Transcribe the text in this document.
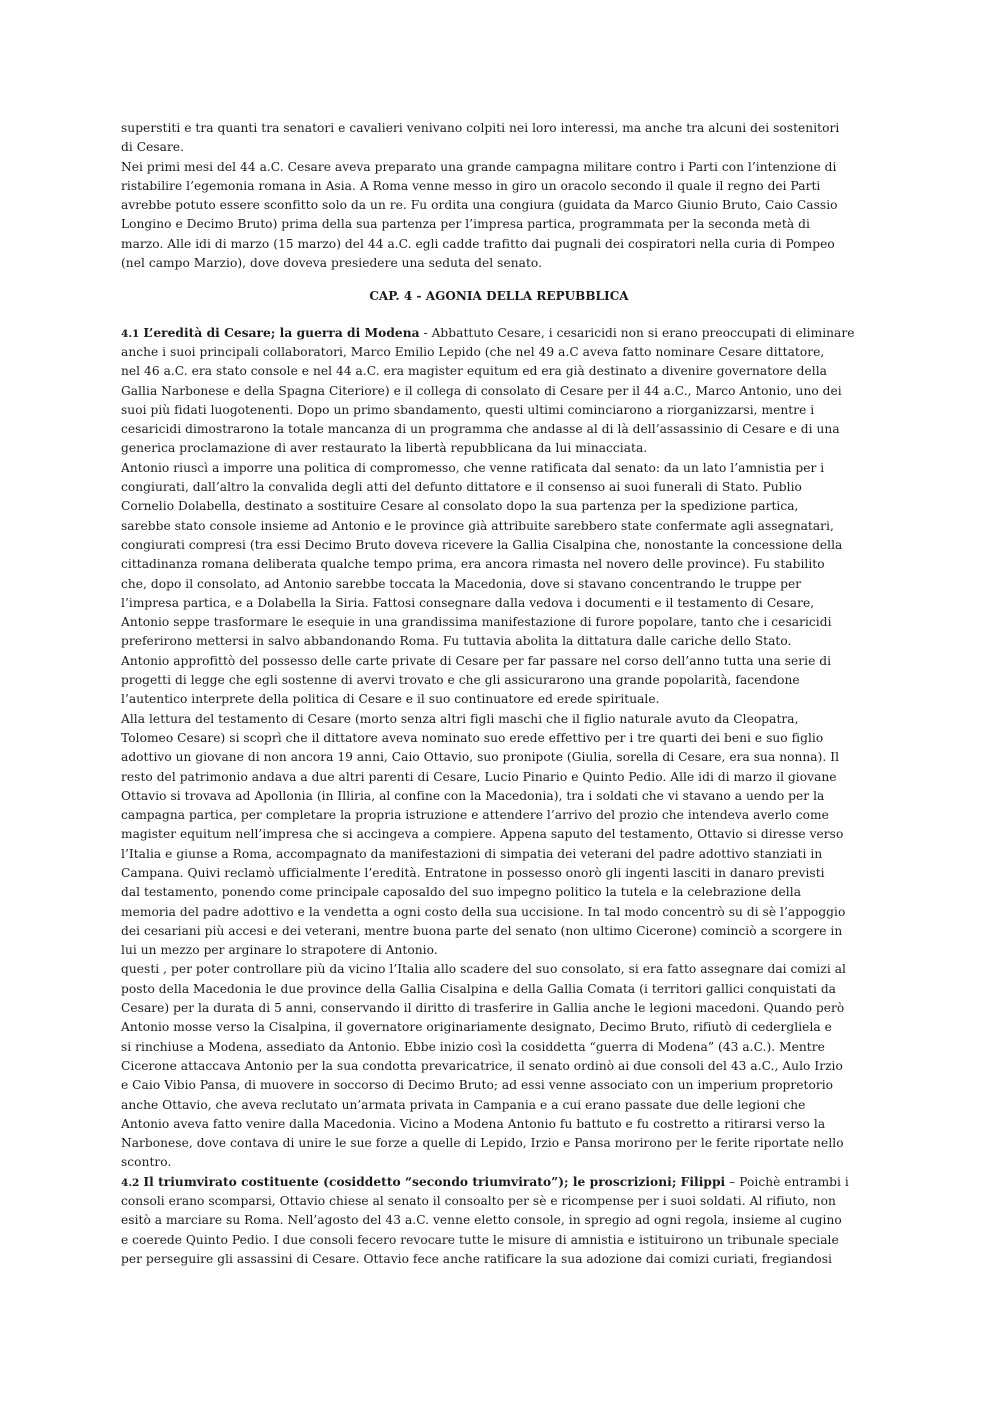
superstiti e tra quanti tra senatori e cavalieri venivano colpiti nei loro interessi, ma anche tra alcuni dei sostenitori
di Cesare.
Nei primi mesi del 44 a.C. Cesare aveva preparato una grande campagna militare contro i Parti con l’intenzione di
ristabilire l’egemonia romana in Asia. A Roma venne messo in giro un oracolo secondo il quale il regno dei Parti
avrebbe potuto essere sconfitto solo da un re. Fu ordita una congiura (guidata da Marco Giunio Bruto, Caio Cassio
Longino e Decimo Bruto) prima della sua partenza per l’impresa partica, programmata per la seconda metà di
marzo. Alle idi di marzo (15 marzo) del 44 a.C. egli cadde trafitto dai pugnali dei cospiratori nella curia di Pompeo
(nel campo Marzio), dove doveva presiedere una seduta del senato.
CAP. 4 - AGONIA DELLA REPUBBLICA
4.1 L’eredità di Cesare; la guerra di Modena - Abbattuto Cesare, i cesaricidi non si erano preoccupati di eliminare
anche i suoi principali collaboratori, Marco Emilio Lepido (che nel 49 a.C aveva fatto nominare Cesare dittatore,
nel 46 a.C. era stato console e nel 44 a.C. era magister equitum ed era già destinato a divenire governatore della
Gallia Narbonese e della Spagna Citeriore) e il collega di consolato di Cesare per il 44 a.C., Marco Antonio, uno dei
suoi più fidati luogotenenti. Dopo un primo sbandamento, questi ultimi cominciarono a riorganizzarsi, mentre i
cesaricidi dimostrarono la totale mancanza di un programma che andasse al di là dell’assassinio di Cesare e di una
generica proclamazione di aver restaurato la libertà repubblicana da lui minacciata.
Antonio riuscì a imporre una politica di compromesso, che venne ratificata dal senato: da un lato l’amnistia per i
congiurati, dall’altro la convalida degli atti del defunto dittatore e il consenso ai suoi funerali di Stato. Publio
Cornelio Dolabella, destinato a sostituire Cesare al consolato dopo la sua partenza per la spedizione partica,
sarebbe stato console insieme ad Antonio e le province già attribuite sarebbero state confermate agli assegnatari,
congiurati compresi (tra essi Decimo Bruto doveva ricevere la Gallia Cisalpina che, nonostante la concessione della
cittadinanza romana deliberata qualche tempo prima, era ancora rimasta nel novero delle province). Fu stabilito
che, dopo il consolato, ad Antonio sarebbe toccata la Macedonia, dove si stavano concentrando le truppe per
l’impresa partica, e a Dolabella la Siria. Fattosi consegnare dalla vedova i documenti e il testamento di Cesare,
Antonio seppe trasformare le esequie in una grandissima manifestazione di furore popolare, tanto che i cesaricidi
preferirono mettersi in salvo abbandonando Roma. Fu tuttavia abolita la dittatura dalle cariche dello Stato.
Antonio approfittò del possesso delle carte private di Cesare per far passare nel corso dell’anno tutta una serie di
progetti di legge che egli sostenne di avervi trovato e che gli assicurarono una grande popolarità, facendone
l’autentico interprete della politica di Cesare e il suo continuatore ed erede spirituale.
Alla lettura del testamento di Cesare (morto senza altri figli maschi che il figlio naturale avuto da Cleopatra,
Tolomeo Cesare) si scoprì che il dittatore aveva nominato suo erede effettivo per i tre quarti dei beni e suo figlio
adottivo un giovane di non ancora 19 anni, Caio Ottavio, suo pronipote (Giulia, sorella di Cesare, era sua nonna). Il
resto del patrimonio andava a due altri parenti di Cesare, Lucio Pinario e Quinto Pedio. Alle idi di marzo il giovane
Ottavio si trovava ad Apollonia (in Illiria, al confine con la Macedonia), tra i soldati che vi stavano a uendo per la
campagna partica, per completare la propria istruzione e attendere l’arrivo del prozio che intendeva averlo come
magister equitum nell’impresa che si accingeva a compiere. Appena saputo del testamento, Ottavio si diresse verso
l’Italia e giunse a Roma, accompagnato da manifestazioni di simpatia dei veterani del padre adottivo stanziati in
Campana. Quivi reclamò ufficialmente l’eredità. Entratone in possesso onorò gli ingenti lasciti in danaro previsti
dal testamento, ponendo come principale caposaldo del suo impegno politico la tutela e la celebrazione della
memoria del padre adottivo e la vendetta a ogni costo della sua uccisione. In tal modo concentrò su di sè l’appoggio
dei cesariani più accesi e dei veterani, mentre buona parte del senato (non ultimo Cicerone) cominciò a scorgere in
lui un mezzo per arginare lo strapotere di Antonio.
questi , per poter controllare più da vicino l’Italia allo scadere del suo consolato, si era fatto assegnare dai comizi al
posto della Macedonia le due province della Gallia Cisalpina e della Gallia Comata (i territori gallici conquistati da
Cesare) per la durata di 5 anni, conservando il diritto di trasferire in Gallia anche le legioni macedoni. Quando però
Antonio mosse verso la Cisalpina, il governatore originariamente designato, Decimo Bruto, rifiutò di cedergliela e
si rinchiuse a Modena, assediato da Antonio. Ebbe inizio così la cosiddetta “guerra di Modena” (43 a.C.). Mentre
Cicerone attaccava Antonio per la sua condotta prevaricatrice, il senato ordinò ai due consoli del 43 a.C., Aulo Irzio
e Caio Vibio Pansa, di muovere in soccorso di Decimo Bruto; ad essi venne associato con un imperium propretorio
anche Ottavio, che aveva reclutato un’armata privata in Campania e a cui erano passate due delle legioni che
Antonio aveva fatto venire dalla Macedonia. Vicino a Modena Antonio fu battuto e fu costretto a ritirarsi verso la
Narbonese, dove contava di unire le sue forze a quelle di Lepido, Irzio e Pansa morirono per le ferite riportate nello
scontro.
4.2 Il triumvirato costituente (cosiddetto “secondo triumvirato”); le proscrizioni; Filippi – Poichè entrambi i
consoli erano scomparsi, Ottavio chiese al senato il consoalto per sè e ricompense per i suoi soldati. Al rifiuto, non
esitò a marciare su Roma. Nell’agosto del 43 a.C. venne eletto console, in spregio ad ogni regola, insieme al cugino
e coerede Quinto Pedio. I due consoli fecero revocare tutte le misure di amnistia e istituirono un tribunale speciale
per perseguire gli assassini di Cesare. Ottavio fece anche ratificare la sua adozione dai comizi curiati, fregiandosi
